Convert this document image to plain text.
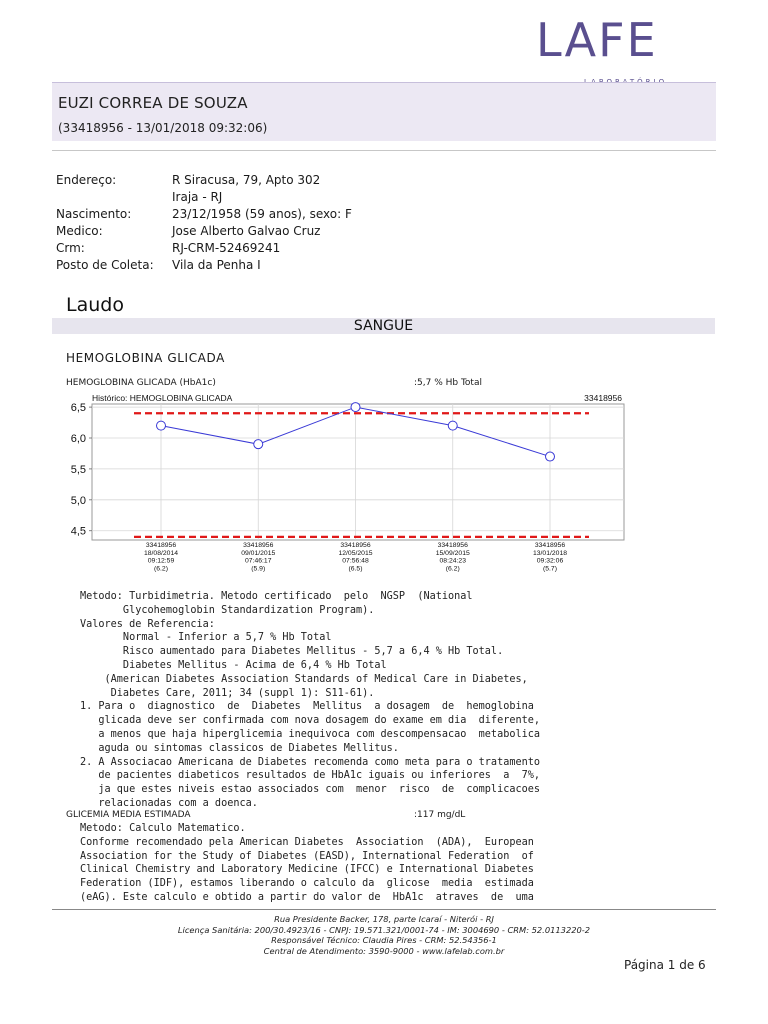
LAFE
EUZI CORREA DE SOUZA
(33418956 - 13/01/2018 09:32:06)
Endereço:	R Siracusa, 79, Apto 302
Iraja - RJ
Nascimento:	23/12/1958 (59 anos), sexo: F
Medico:	Jose Alberto Galvao Cruz
Crm:	RJ-CRM-52469241
Posto de Coleta:	Vila da Penha I
Laudo
SANGUE
HEMOGLOBINA GLICADA
HEMOGLOBINA GLICADA (HbA1c)	:5,7 % Hb Total
Histórico: HEMOGLOBINA GLICADA	33418956
6,5
6,0
5,5
5,0
4,5
33418956
18/08/2014
09:12:59
(6.2)
33418956
09/01/2015
07:46:17
(5.9)
33418956
12/05/2015
07:56:48
(6.5)
33418956
15/09/2015
08:24:23
(6.2)
33418956
13/01/2018
09:32:06
(5.7)
Metodo: Turbidimetria. Metodo certificado  pelo  NGSP  (National
Glycohemoglobin Standardization Program).
Valores de Referencia:
Normal - Inferior a 5,7 % Hb Total
Risco aumentado para Diabetes Mellitus - 5,7 a 6,4 % Hb Total.
Diabetes Mellitus - Acima de 6,4 % Hb Total
(American Diabetes Association Standards of Medical Care in Diabetes,
Diabetes Care, 2011; 34 (suppl 1): S11-61).
1. Para o  diagnostico  de  Diabetes  Mellitus  a dosagem  de  hemoglobina
glicada deve ser confirmada com nova dosagem do exame em dia  diferente,
a menos que haja hiperglicemia inequivoca com descompensacao  metabolica
aguda ou sintomas classicos de Diabetes Mellitus.
2. A Associacao Americana de Diabetes recomenda como meta para o tratamento
de pacientes diabeticos resultados de HbA1c iguais ou inferiores  a  7%,
ja que estes niveis estao associados com  menor  risco  de  complicacoes
relacionadas com a doenca.
GLICEMIA MEDIA ESTIMADA	:117 mg/dL
Metodo: Calculo Matematico.
Conforme recomendado pela American Diabetes  Association  (ADA),  European
Association for the Study of Diabetes (EASD), International Federation  of
Clinical Chemistry and Laboratory Medicine (IFCC) e International Diabetes
Federation (IDF), estamos liberando o calculo da  glicose  media  estimada
(eAG). Este calculo e obtido a partir do valor de  HbA1c  atraves  de  uma
Rua Presidente Backer, 178, parte Icaraí - Niterói - RJ
Licença Sanitária: 200/30.4923/16 - CNPJ: 19.571.321/0001-74 - IM: 3004690 - CRM: 52.0113220-2
Responsável Técnico: Claudia Pires - CRM: 52.54356-1
Central de Atendimento: 3590-9000 - www.lafelab.com.br
Página 1 de 6
